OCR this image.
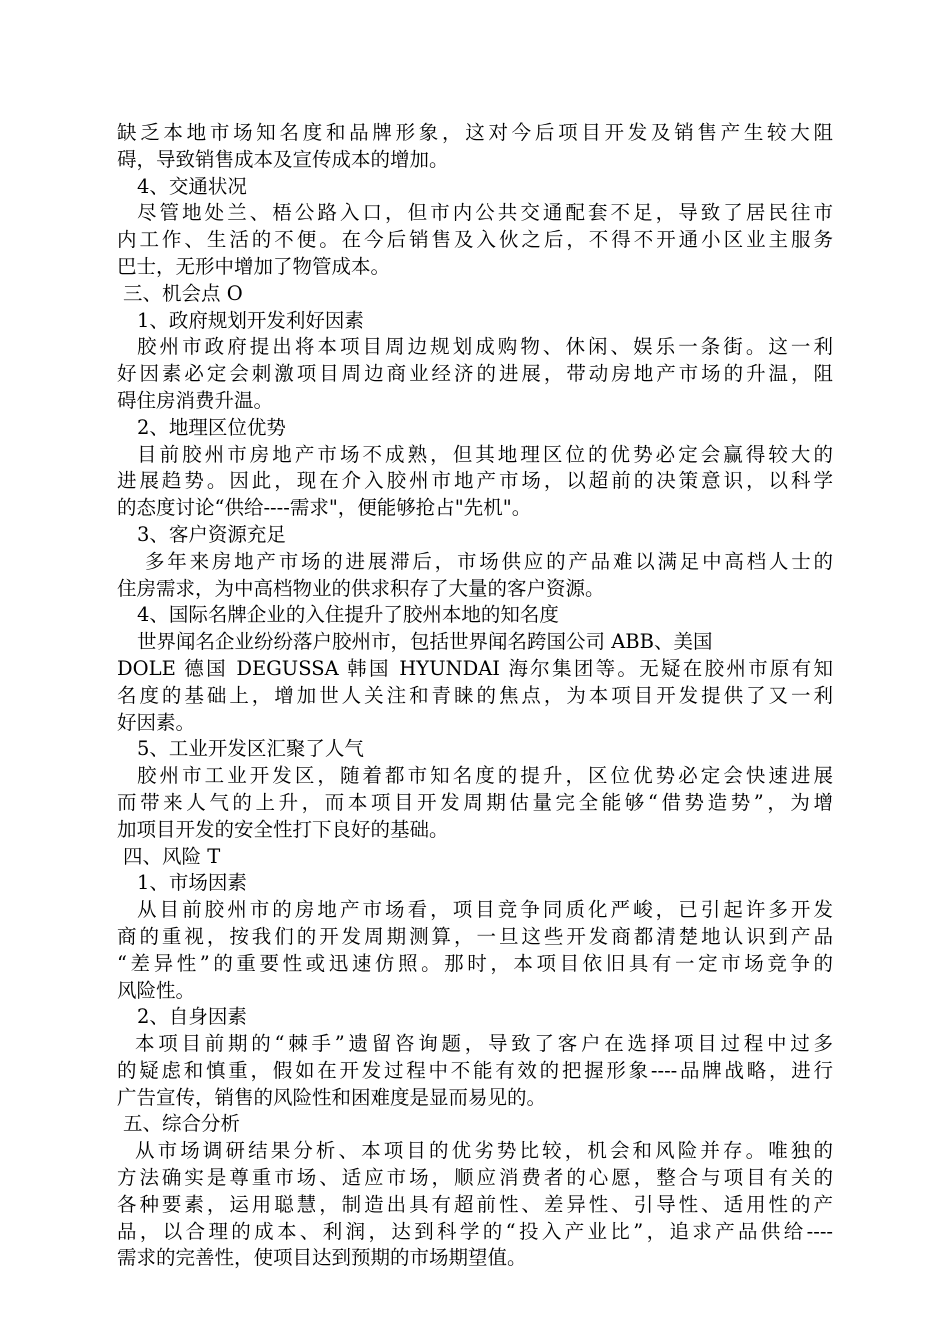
缺乏本地市场知名度和品牌形象，这对今后项目开发及销售产生较大阻
碍，导致销售成本及宣传成本的增加。
4、交通状况
尽管地处兰、梧公路入口，但市内公共交通配套不足，导致了居民往市
内工作、生活的不便。在今后销售及入伙之后，不得不开通小区业主服务
巴士，无形中增加了物管成本。
三、机会点 O
1、政府规划开发利好因素
胶州市政府提出将本项目周边规划成购物、休闲、娱乐一条街。这一利
好因素必定会刺激项目周边商业经济的进展，带动房地产市场的升温，阻
碍住房消费升温。
2、地理区位优势
目前胶州市房地产市场不成熟，但其地理区位的优势必定会赢得较大的
进展趋势。因此，现在介入胶州市地产市场，以超前的决策意识，以科学
的态度讨论“供给----需求"，便能够抢占"先机"。
3、客户资源充足
多年来房地产市场的进展滞后，市场供应的产品难以满足中高档人士的
住房需求，为中高档物业的供求积存了大量的客户资源。
4、国际名牌企业的入住提升了胶州本地的知名度
世界闻名企业纷纷落户胶州市，包括世界闻名跨国公司 ABB、美国
DOLE 德国 DEGUSSA 韩国 HYUNDAI 海尔集团等。无疑在胶州市原有知
名度的基础上，增加世人关注和青睐的焦点，为本项目开发提供了又一利
好因素。
5、工业开发区汇聚了人气
胶州市工业开发区，随着都市知名度的提升，区位优势必定会快速进展
而带来人气的上升，而本项目开发周期估量完全能够“借势造势”，为增
加项目开发的安全性打下良好的基础。
四、风险 T
1、市场因素
从目前胶州市的房地产市场看，项目竞争同质化严峻，已引起许多开发
商的重视，按我们的开发周期测算，一旦这些开发商都清楚地认识到产品
“差异性”的重要性或迅速仿照。那时，本项目依旧具有一定市场竞争的
风险性。
2、自身因素
本项目前期的“棘手”遗留咨询题，导致了客户在选择项目过程中过多
的疑虑和慎重，假如在开发过程中不能有效的把握形象----品牌战略，进行
广告宣传，销售的风险性和困难度是显而易见的。
五、综合分析
从市场调研结果分析、本项目的优劣势比较，机会和风险并存。唯独的
方法确实是尊重市场、适应市场，顺应消费者的心愿，整合与项目有关的
各种要素，运用聪慧，制造出具有超前性、差异性、引导性、适用性的产
品，以合理的成本、利润，达到科学的“投入产业比”，追求产品供给----
需求的完善性，使项目达到预期的市场期望值。
